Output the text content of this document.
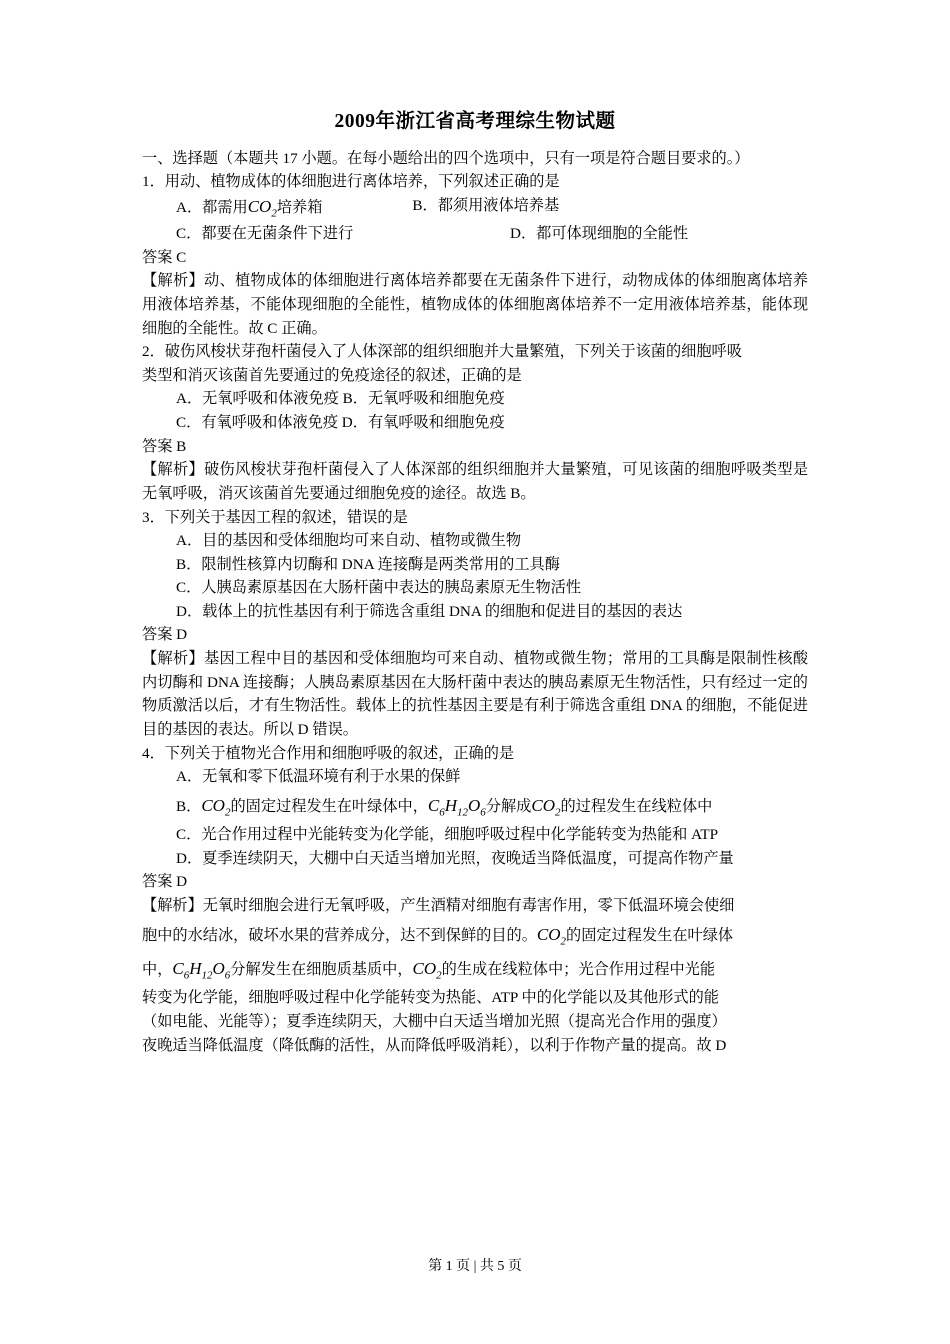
2009年浙江省高考理综生物试题

一、选择题（本题共 17 小题。在每小题给出的四个选项中，只有一项是符合题目要求的。）

1．用动、植物成体的体细胞进行离体培养，下列叙述正确的是
A．都需用$CO_2$培养箱	B．都须用液体培养基
C．都要在无菌条件下进行	D．都可体现细胞的全能性
答案 C

【解析】动、植物成体的体细胞进行离体培养都要在无菌条件下进行，动物成体的体细胞离体培养用液体培养基，不能体现细胞的全能性，植物成体的体细胞离体培养不一定用液体培养基，能体现细胞的全能性。故 C 正确。

2．破伤风梭状芽孢杆菌侵入了人体深部的组织细胞并大量繁殖，下列关于该菌的细胞呼吸
类型和消灭该菌首先要通过的免疫途径的叙述，正确的是
A．无氧呼吸和体液免疫 B．无氧呼吸和细胞免疫
C．有氧呼吸和体液免疫 D．有氧呼吸和细胞免疫
答案 B

【解析】破伤风梭状芽孢杆菌侵入了人体深部的组织细胞并大量繁殖，可见该菌的细胞呼吸类型是无氧呼吸，消灭该菌首先要通过细胞免疫的途径。故选 B。

3．下列关于基因工程的叙述，错误的是
A．目的基因和受体细胞均可来自动、植物或微生物
B．限制性核算内切酶和 DNA 连接酶是两类常用的工具酶
C．人胰岛素原基因在大肠杆菌中表达的胰岛素原无生物活性
D．载体上的抗性基因有利于筛选含重组 DNA 的细胞和促进目的基因的表达
答案 D

【解析】基因工程中目的基因和受体细胞均可来自动、植物或微生物；常用的工具酶是限制性核酸内切酶和 DNA 连接酶；人胰岛素原基因在大肠杆菌中表达的胰岛素原无生物活性，只有经过一定的物质激活以后，才有生物活性。载体上的抗性基因主要是有利于筛选含重组 DNA 的细胞，不能促进目的基因的表达。所以 D 错误。

4．下列关于植物光合作用和细胞呼吸的叙述，正确的是
A．无氧和零下低温环境有利于水果的保鲜
B．$CO_2$的固定过程发生在叶绿体中，$C_6H_{12}O_6$分解成$CO_2$的过程发生在线粒体中
C．光合作用过程中光能转变为化学能，细胞呼吸过程中化学能转变为热能和 ATP
D．夏季连续阴天，大棚中白天适当增加光照，夜晚适当降低温度，可提高作物产量
答案 D
【解析】无氧时细胞会进行无氧呼吸，产生酒精对细胞有毒害作用，零下低温环境会使细
胞中的水结冰，破坏水果的营养成分，达不到保鲜的目的。$CO_2$的固定过程发生在叶绿体
中，$C_6H_{12}O_6$分解发生在细胞质基质中，$CO_2$的生成在线粒体中；光合作用过程中光能
转变为化学能，细胞呼吸过程中化学能转变为热能、ATP 中的化学能以及其他形式的能
（如电能、光能等）；夏季连续阴天，大棚中白天适当增加光照（提高光合作用的强度）
夜晚适当降低温度（降低酶的活性，从而降低呼吸消耗），以利于作物产量的提高。故 D
第 1 页 | 共 5 页
